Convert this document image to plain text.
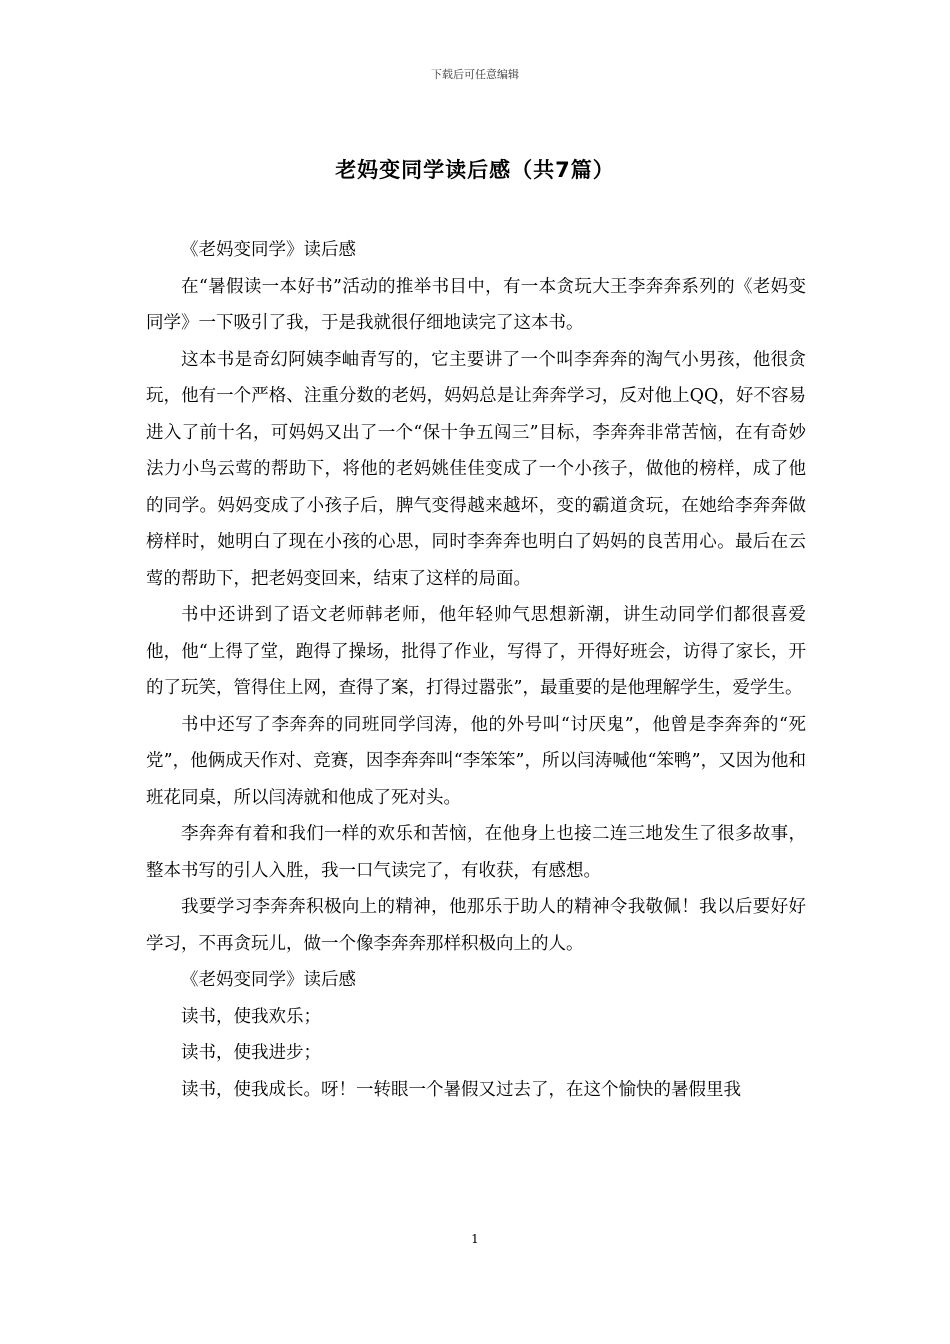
下载后可任意编辑
老妈变同学读后感（共7篇）

《老妈变同学》读后感

在“暑假读一本好书”活动的推举书目中，有一本贪玩大王李奔奔系列的《老妈变同学》一下吸引了我，于是我就很仔细地读完了这本书。

这本书是奇幻阿姨李岫青写的，它主要讲了一个叫李奔奔的淘气小男孩，他很贪玩，他有一个严格、注重分数的老妈，妈妈总是让奔奔学习，反对他上QQ，好不容易进入了前十名，可妈妈又出了一个“保十争五闯三”目标，李奔奔非常苦恼，在有奇妙法力小鸟云莺的帮助下，将他的老妈姚佳佳变成了一个小孩子，做他的榜样，成了他的同学。妈妈变成了小孩子后，脾气变得越来越坏，变的霸道贪玩，在她给李奔奔做榜样时，她明白了现在小孩的心思，同时李奔奔也明白了妈妈的良苦用心。最后在云莺的帮助下，把老妈变回来，结束了这样的局面。

书中还讲到了语文老师韩老师，他年轻帅气思想新潮，讲生动同学们都很喜爱他，他“上得了堂，跑得了操场，批得了作业，写得了，开得好班会，访得了家长，开的了玩笑，管得住上网，查得了案，打得过嚣张”，最重要的是他理解学生，爱学生。

书中还写了李奔奔的同班同学闫涛，他的外号叫“讨厌鬼”，他曾是李奔奔的“死党”，他俩成天作对、竞赛，因李奔奔叫“李笨笨”，所以闫涛喊他“笨鸭”，又因为他和班花同桌，所以闫涛就和他成了死对头。

李奔奔有着和我们一样的欢乐和苦恼，在他身上也接二连三地发生了很多故事，整本书写的引人入胜，我一口气读完了，有收获，有感想。

我要学习李奔奔积极向上的精神，他那乐于助人的精神令我敬佩！我以后要好好学习，不再贪玩儿，做一个像李奔奔那样积极向上的人。

《老妈变同学》读后感

读书，使我欢乐；

读书，使我进步；

读书，使我成长。呀！一转眼一个暑假又过去了，在这个愉快的暑假里我

1
